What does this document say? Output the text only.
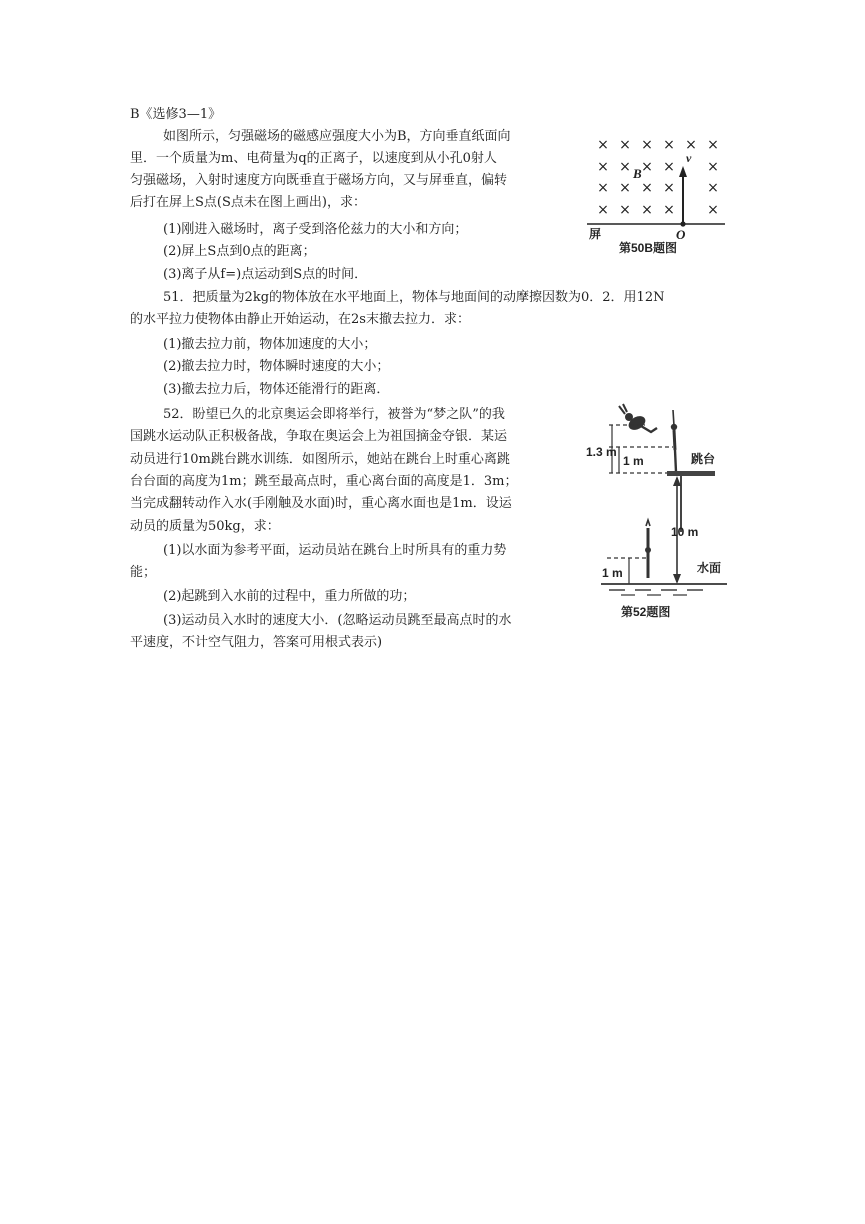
B《选修3—1》
如图所示，匀强磁场的磁感应强度大小为B，方向垂直纸面向
里．一个质量为m、电荷量为q的正离子，以速度到从小孔0射人
匀强磁场，入射时速度方向既垂直于磁场方向，又与屏垂直，偏转
后打在屏上S点(S点未在图上画出)，求：
(1)刚进入磁场时，离子受到洛伦兹力的大小和方向；
(2)屏上S点到0点的距离；
(3)离子从f=)点运动到S点的时间．
× × × × × ×
× × × × ×
× × × × ×
× × × × ×
B
v
屏	O
第50B题图
51．把质量为2kg的物体放在水平地面上，物体与地面间的动摩擦因数为0．2．用12N
的水平拉力使物体由静止开始运动，在2s末撤去拉力．求：
(1)撤去拉力前，物体加速度的大小；
(2)撤去拉力时，物体瞬时速度的大小；
(3)撤去拉力后，物体还能滑行的距离．
52．盼望已久的北京奥运会即将举行，被誉为“梦之队”的我
国跳水运动队正积极备战，争取在奥运会上为祖国摘金夺银．某运
动员进行10m跳台跳水训练．如图所示，她站在跳台上时重心离跳
台台面的高度为1m；跳至最高点时，重心离台面的高度是1．3m；
当完成翻转动作入水(手刚触及水面)时，重心离水面也是1m．设运
动员的质量为50kg，求：
(1)以水面为参考平面，运动员站在跳台上时所具有的重力势
能；
(2)起跳到入水前的过程中，重力所做的功；
(3)运动员入水时的速度大小．(忽略运动员跳至最高点时的水
平速度，不计空气阻力，答案可用根式表示)
1.3 m
1 m	跳台
10 m
1 m	水面
第52题图
